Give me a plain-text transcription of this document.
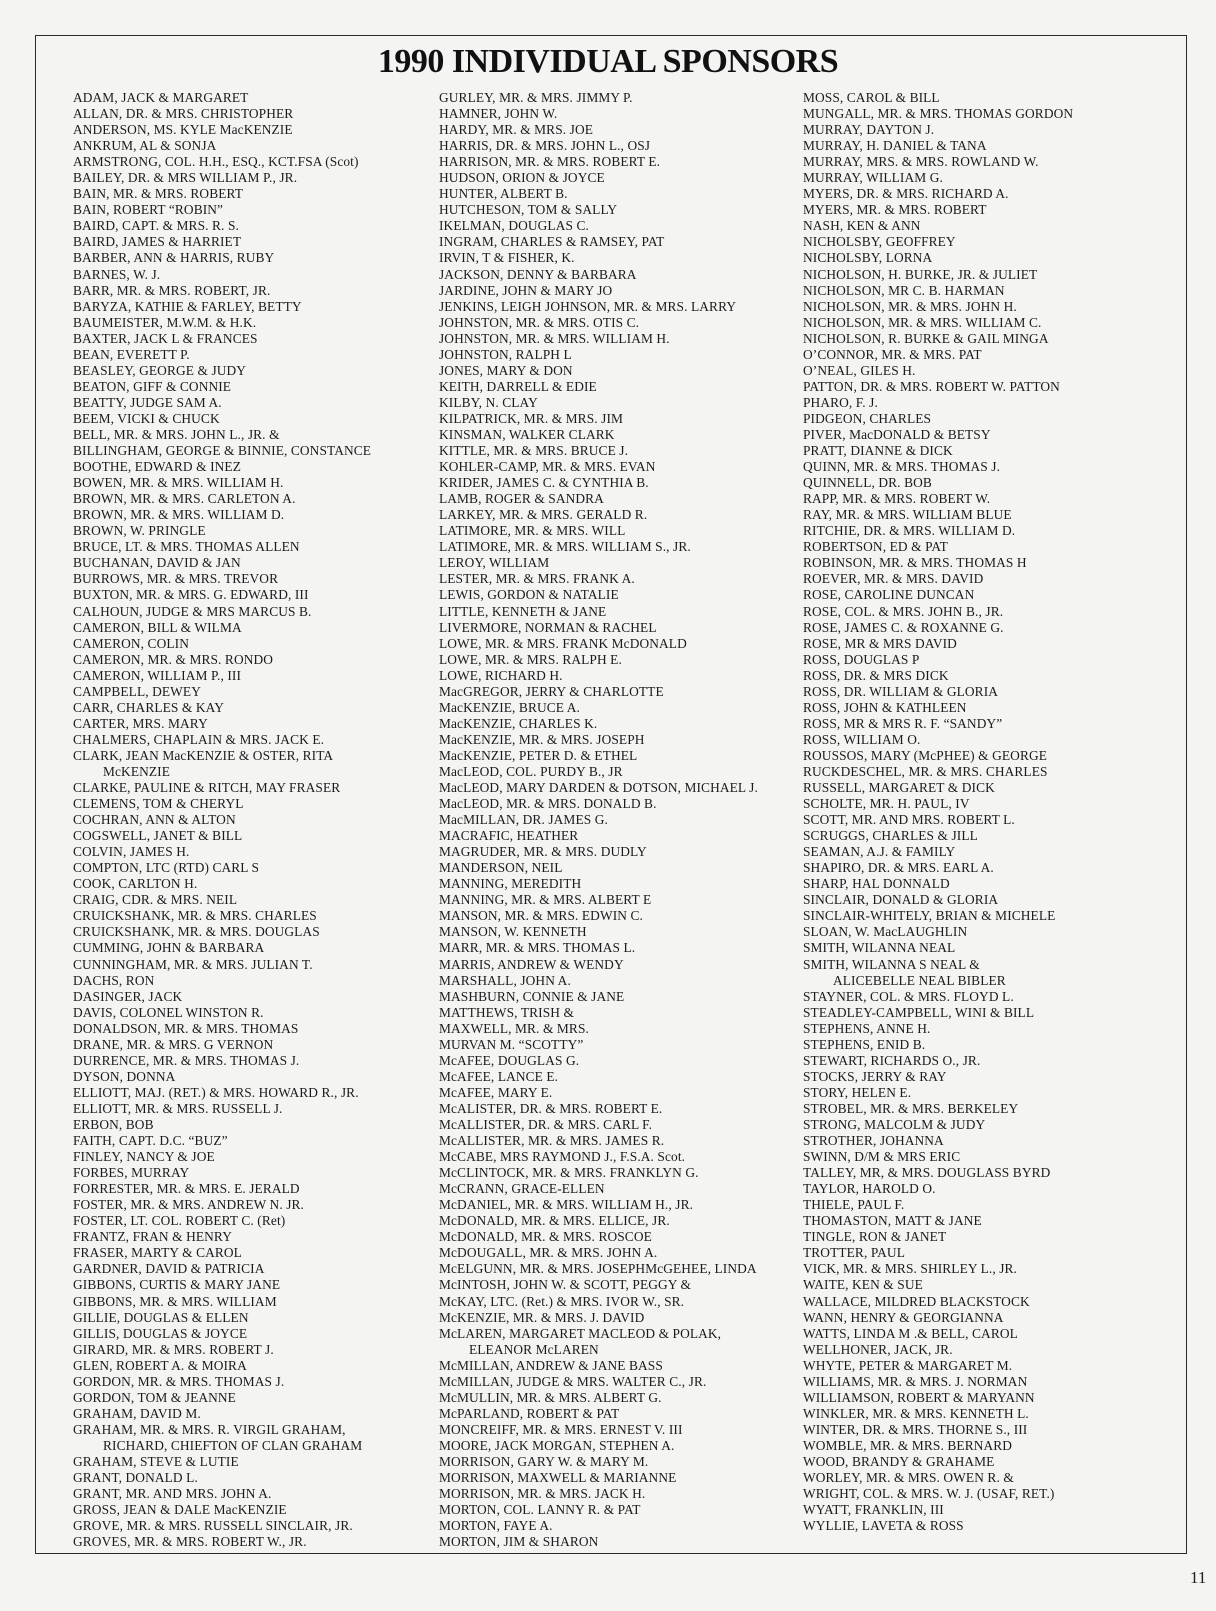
1990 INDIVIDUAL SPONSORS
ADAM, JACK & MARGARET
ALLAN, DR. & MRS. CHRISTOPHER
ANDERSON, MS. KYLE MacKENZIE
ANKRUM, AL & SONJA
ARMSTRONG, COL. H.H., ESQ., KCT.FSA (Scot)
BAILEY, DR. & MRS WILLIAM P., JR.
BAIN, MR. & MRS. ROBERT
BAIN, ROBERT “ROBIN”
BAIRD, CAPT. & MRS. R. S.
BAIRD, JAMES & HARRIET
BARBER, ANN & HARRIS, RUBY
BARNES, W. J.
BARR, MR. & MRS. ROBERT, JR.
BARYZA, KATHIE & FARLEY, BETTY
BAUMEISTER, M.W.M. & H.K.
BAXTER, JACK L & FRANCES
BEAN, EVERETT P.
BEASLEY, GEORGE & JUDY
BEATON, GIFF & CONNIE
BEATTY, JUDGE SAM A.
BEEM, VICKI & CHUCK
BELL, MR. & MRS. JOHN L., JR. &
BILLINGHAM, GEORGE & BINNIE, CONSTANCE
BOOTHE, EDWARD & INEZ
BOWEN, MR. & MRS. WILLIAM H.
BROWN, MR. & MRS. CARLETON A.
BROWN, MR. & MRS. WILLIAM D.
BROWN, W. PRINGLE
BRUCE, LT. & MRS. THOMAS ALLEN
BUCHANAN, DAVID & JAN
BURROWS, MR. & MRS. TREVOR
BUXTON, MR. & MRS. G. EDWARD, III
CALHOUN, JUDGE & MRS MARCUS B.
CAMERON, BILL & WILMA
CAMERON, COLIN
CAMERON, MR. & MRS. RONDO
CAMERON, WILLIAM P., III
CAMPBELL, DEWEY
CARR, CHARLES & KAY
CARTER, MRS. MARY
CHALMERS, CHAPLAIN & MRS. JACK E.
CLARK, JEAN MacKENZIE & OSTER, RITA
McKENZIE
CLARKE, PAULINE & RITCH, MAY FRASER
CLEMENS, TOM & CHERYL
COCHRAN, ANN & ALTON
COGSWELL, JANET & BILL
COLVIN, JAMES H.
COMPTON, LTC (RTD) CARL S
COOK, CARLTON H.
CRAIG, CDR. & MRS. NEIL
CRUICKSHANK, MR. & MRS. CHARLES
CRUICKSHANK, MR. & MRS. DOUGLAS
CUMMING, JOHN & BARBARA
CUNNINGHAM, MR. & MRS. JULIAN T.
DACHS, RON
DASINGER, JACK
DAVIS, COLONEL WINSTON R.
DONALDSON, MR. & MRS. THOMAS
DRANE, MR. & MRS. G VERNON
DURRENCE, MR. & MRS. THOMAS J.
DYSON, DONNA
ELLIOTT, MAJ. (RET.) & MRS. HOWARD R., JR.
ELLIOTT, MR. & MRS. RUSSELL J.
ERBON, BOB
FAITH, CAPT. D.C. “BUZ”
FINLEY, NANCY & JOE
FORBES, MURRAY
FORRESTER, MR. & MRS. E. JERALD
FOSTER, MR. & MRS. ANDREW N. JR.
FOSTER, LT. COL. ROBERT C. (Ret)
FRANTZ, FRAN & HENRY
FRASER, MARTY & CAROL
GARDNER, DAVID & PATRICIA
GIBBONS, CURTIS & MARY JANE
GIBBONS, MR. & MRS. WILLIAM
GILLIE, DOUGLAS & ELLEN
GILLIS, DOUGLAS & JOYCE
GIRARD, MR. & MRS. ROBERT J.
GLEN, ROBERT A. & MOIRA
GORDON, MR. & MRS. THOMAS J.
GORDON, TOM & JEANNE
GRAHAM, DAVID M.
GRAHAM, MR. & MRS. R. VIRGIL GRAHAM,
RICHARD, CHIEFTON OF CLAN GRAHAM
GRAHAM, STEVE & LUTIE
GRANT, DONALD L.
GRANT, MR. AND MRS. JOHN A.
GROSS, JEAN & DALE MacKENZIE
GROVE, MR. & MRS. RUSSELL SINCLAIR, JR.
GROVES, MR. & MRS. ROBERT W., JR.
GURLEY, MR. & MRS. JIMMY P.
HAMNER, JOHN W.
HARDY, MR. & MRS. JOE
HARRIS, DR. & MRS. JOHN L., OSJ
HARRISON, MR. & MRS. ROBERT E.
HUDSON, ORION & JOYCE
HUNTER, ALBERT B.
HUTCHESON, TOM & SALLY
IKELMAN, DOUGLAS C.
INGRAM, CHARLES & RAMSEY, PAT
IRVIN, T & FISHER, K.
JACKSON, DENNY & BARBARA
JARDINE, JOHN & MARY JO
JENKINS, LEIGH JOHNSON, MR. & MRS. LARRY
JOHNSTON, MR. & MRS. OTIS C.
JOHNSTON, MR. & MRS. WILLIAM H.
JOHNSTON, RALPH L
JONES, MARY & DON
KEITH, DARRELL & EDIE
KILBY, N. CLAY
KILPATRICK, MR. & MRS. JIM
KINSMAN, WALKER CLARK
KITTLE, MR. & MRS. BRUCE J.
KOHLER-CAMP, MR. & MRS. EVAN
KRIDER, JAMES C. & CYNTHIA B.
LAMB, ROGER & SANDRA
LARKEY, MR. & MRS. GERALD R.
LATIMORE, MR. & MRS. WILL
LATIMORE, MR. & MRS. WILLIAM S., JR.
LEROY, WILLIAM
LESTER, MR. & MRS. FRANK A.
LEWIS, GORDON & NATALIE
LITTLE, KENNETH & JANE
LIVERMORE, NORMAN & RACHEL
LOWE, MR. & MRS. FRANK McDONALD
LOWE, MR. & MRS. RALPH E.
LOWE, RICHARD H.
MacGREGOR, JERRY & CHARLOTTE
MacKENZIE, BRUCE A.
MacKENZIE, CHARLES K.
MacKENZIE, MR. & MRS. JOSEPH
MacKENZIE, PETER D. & ETHEL
MacLEOD, COL. PURDY B., JR
MacLEOD, MARY DARDEN & DOTSON, MICHAEL J.
MacLEOD, MR. & MRS. DONALD B.
MacMILLAN, DR. JAMES G.
MACRAFIC, HEATHER
MAGRUDER, MR. & MRS. DUDLY
MANDERSON, NEIL
MANNING, MEREDITH
MANNING, MR. & MRS. ALBERT E
MANSON, MR. & MRS. EDWIN C.
MANSON, W. KENNETH
MARR, MR. & MRS. THOMAS L.
MARRIS, ANDREW & WENDY
MARSHALL, JOHN A.
MASHBURN, CONNIE & JANE
MATTHEWS, TRISH &
MAXWELL, MR. & MRS.
MURVAN M. “SCOTTY”
McAFEE, DOUGLAS G.
McAFEE, LANCE E.
McAFEE, MARY E.
McALISTER, DR. & MRS. ROBERT E.
McALLISTER, DR. & MRS. CARL F.
McALLISTER, MR. & MRS. JAMES R.
McCABE, MRS RAYMOND J., F.S.A. Scot.
McCLINTOCK, MR. & MRS. FRANKLYN G.
McCRANN, GRACE-ELLEN
McDANIEL, MR. & MRS. WILLIAM H., JR.
McDONALD, MR. & MRS. ELLICE, JR.
McDONALD, MR. & MRS. ROSCOE
McDOUGALL, MR. & MRS. JOHN A.
McELGUNN, MR. & MRS. JOSEPHMcGEHEE, LINDA
McINTOSH, JOHN W. & SCOTT, PEGGY &
McKAY, LTC. (Ret.) & MRS. IVOR W., SR.
McKENZIE, MR. & MRS. J. DAVID
McLAREN, MARGARET MACLEOD & POLAK,
ELEANOR McLAREN
McMILLAN, ANDREW & JANE BASS
McMILLAN, JUDGE & MRS. WALTER C., JR.
McMULLIN, MR. & MRS. ALBERT G.
McPARLAND, ROBERT & PAT
MONCREIFF, MR. & MRS. ERNEST V. III
MOORE, JACK MORGAN, STEPHEN A.
MORRISON, GARY W. & MARY M.
MORRISON, MAXWELL & MARIANNE
MORRISON, MR. & MRS. JACK H.
MORTON, COL. LANNY R. & PAT
MORTON, FAYE A.
MORTON, JIM & SHARON
MOSS, CAROL & BILL
MUNGALL, MR. & MRS. THOMAS GORDON
MURRAY, DAYTON J.
MURRAY, H. DANIEL & TANA
MURRAY, MRS. & MRS. ROWLAND W.
MURRAY, WILLIAM G.
MYERS, DR. & MRS. RICHARD A.
MYERS, MR. & MRS. ROBERT
NASH, KEN & ANN
NICHOLSBY, GEOFFREY
NICHOLSBY, LORNA
NICHOLSON, H. BURKE, JR. & JULIET
NICHOLSON, MR C. B. HARMAN
NICHOLSON, MR. & MRS. JOHN H.
NICHOLSON, MR. & MRS. WILLIAM C.
NICHOLSON, R. BURKE & GAIL MINGA
O’CONNOR, MR. & MRS. PAT
O’NEAL, GILES H.
PATTON, DR. & MRS. ROBERT W. PATTON
PHARO, F. J.
PIDGEON, CHARLES
PIVER, MacDONALD & BETSY
PRATT, DIANNE & DICK
QUINN, MR. & MRS. THOMAS J.
QUINNELL, DR. BOB
RAPP, MR. & MRS. ROBERT W.
RAY, MR. & MRS. WILLIAM BLUE
RITCHIE, DR. & MRS. WILLIAM D.
ROBERTSON, ED & PAT
ROBINSON, MR. & MRS. THOMAS H
ROEVER, MR. & MRS. DAVID
ROSE, CAROLINE DUNCAN
ROSE, COL. & MRS. JOHN B., JR.
ROSE, JAMES C. & ROXANNE G.
ROSE, MR & MRS DAVID
ROSS, DOUGLAS P
ROSS, DR. & MRS DICK
ROSS, DR. WILLIAM & GLORIA
ROSS, JOHN & KATHLEEN
ROSS, MR & MRS R. F. “SANDY”
ROSS, WILLIAM O.
ROUSSOS, MARY (McPHEE) & GEORGE
RUCKDESCHEL, MR. & MRS. CHARLES
RUSSELL, MARGARET & DICK
SCHOLTE, MR. H. PAUL, IV
SCOTT, MR. AND MRS. ROBERT L.
SCRUGGS, CHARLES & JILL
SEAMAN, A.J. & FAMILY
SHAPIRO, DR. & MRS. EARL A.
SHARP, HAL DONNALD
SINCLAIR, DONALD & GLORIA
SINCLAIR-WHITELY, BRIAN & MICHELE
SLOAN, W. MacLAUGHLIN
SMITH, WILANNA NEAL
SMITH, WILANNA S NEAL &
ALICEBELLE NEAL BIBLER
STAYNER, COL. & MRS. FLOYD L.
STEADLEY-CAMPBELL, WINI & BILL
STEPHENS, ANNE H.
STEPHENS, ENID B.
STEWART, RICHARDS O., JR.
STOCKS, JERRY & RAY
STORY, HELEN E.
STROBEL, MR. & MRS. BERKELEY
STRONG, MALCOLM & JUDY
STROTHER, JOHANNA
SWINN, D/M & MRS ERIC
TALLEY, MR, & MRS. DOUGLASS BYRD
TAYLOR, HAROLD O.
THIELE, PAUL F.
THOMASTON, MATT & JANE
TINGLE, RON & JANET
TROTTER, PAUL
VICK, MR. & MRS. SHIRLEY L., JR.
WAITE, KEN & SUE
WALLACE, MILDRED BLACKSTOCK
WANN, HENRY & GEORGIANNA
WATTS, LINDA M .& BELL, CAROL
WELLHONER, JACK, JR.
WHYTE, PETER & MARGARET M.
WILLIAMS, MR. & MRS. J. NORMAN
WILLIAMSON, ROBERT & MARYANN
WINKLER, MR. & MRS. KENNETH L.
WINTER, DR. & MRS. THORNE S., III
WOMBLE, MR. & MRS. BERNARD
WOOD, BRANDY & GRAHAME
WORLEY, MR. & MRS. OWEN R. &
WRIGHT, COL. & MRS. W. J. (USAF, RET.)
WYATT, FRANKLIN, III
WYLLIE, LAVETA & ROSS
11
